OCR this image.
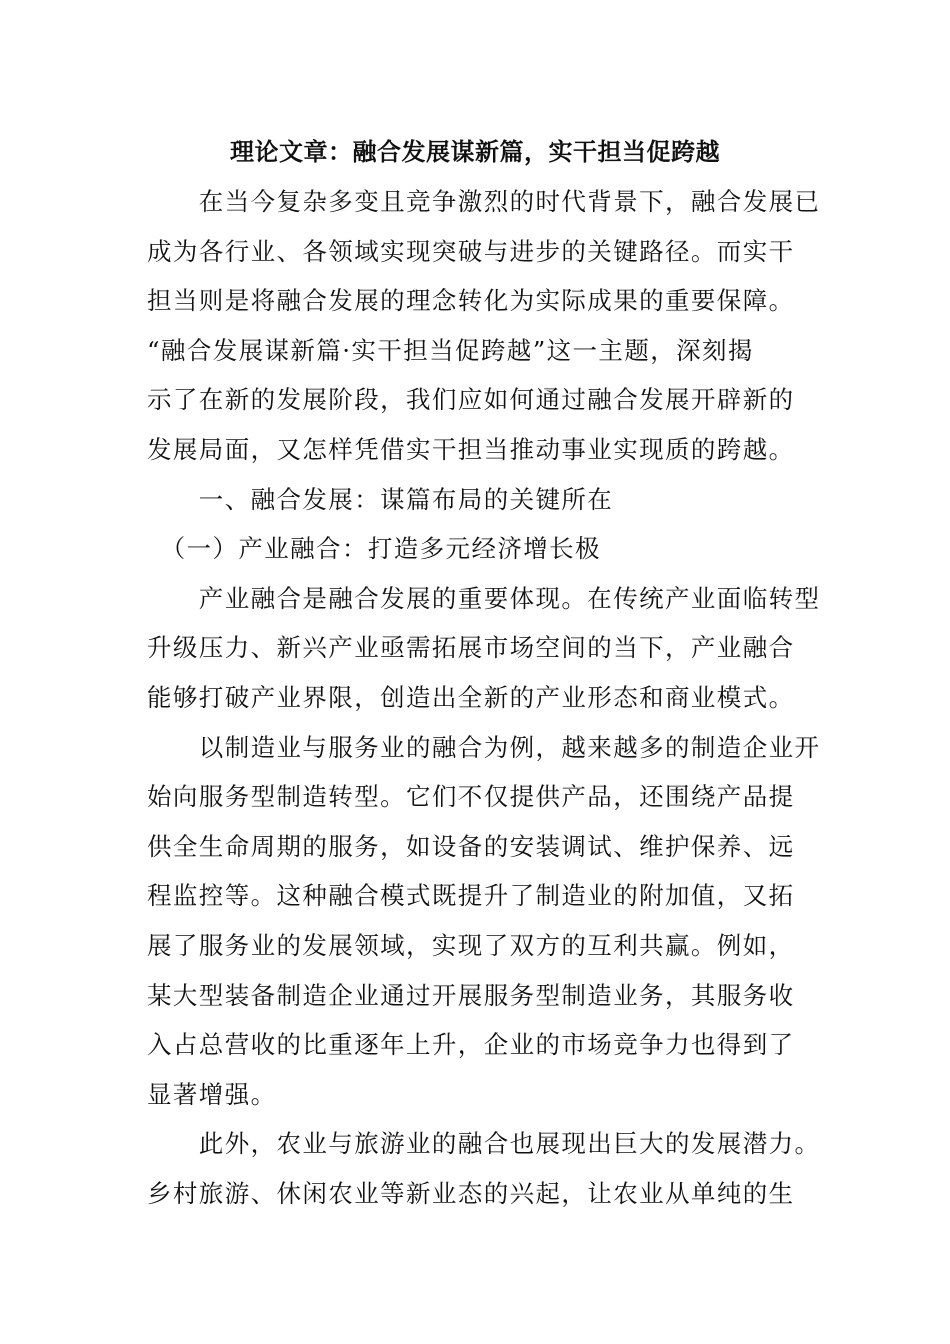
理论文章：融合发展谋新篇，实干担当促跨越
　　在当今复杂多变且竞争激烈的时代背景下，融合发展已
成为各行业、各领域实现突破与进步的关键路径。而实干
担当则是将融合发展的理念转化为实际成果的重要保障。
“融合发展谋新篇·实干担当促跨越”这一主题，深刻揭
示了在新的发展阶段，我们应如何通过融合发展开辟新的
发展局面，又怎样凭借实干担当推动事业实现质的跨越。
　　一、融合发展：谋篇布局的关键所在
　（一）产业融合：打造多元经济增长极
　　产业融合是融合发展的重要体现。在传统产业面临转型
升级压力、新兴产业亟需拓展市场空间的当下，产业融合
能够打破产业界限，创造出全新的产业形态和商业模式。
　　以制造业与服务业的融合为例，越来越多的制造企业开
始向服务型制造转型。它们不仅提供产品，还围绕产品提
供全生命周期的服务，如设备的安装调试、维护保养、远
程监控等。这种融合模式既提升了制造业的附加值，又拓
展了服务业的发展领域，实现了双方的互利共赢。例如，
某大型装备制造企业通过开展服务型制造业务，其服务收
入占总营收的比重逐年上升，企业的市场竞争力也得到了
显著增强。
　　此外，农业与旅游业的融合也展现出巨大的发展潜力。
乡村旅游、休闲农业等新业态的兴起，让农业从单纯的生
